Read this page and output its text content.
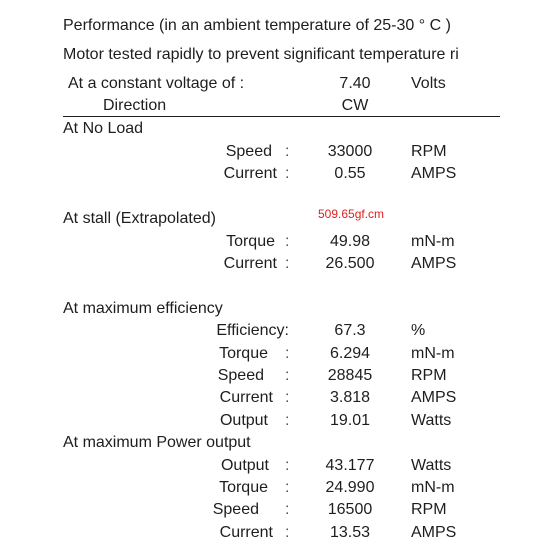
Performance (in an ambient temperature of 25-30 ° C )
Motor tested rapidly to prevent significant temperature ri
At a constant voltage of :	7.40	Volts
Direction	CW
At No Load
Speed :	33000	RPM
Current :	0.55	AMPS
At stall (Extrapolated)	509.65gf.cm
Torque :	49.98	mN-m
Current :	26.500	AMPS
At maximum efficiency
Efficiency:	67.3	%
Torque :	6.294	mN-m
Speed :	28845	RPM
Current :	3.818	AMPS
Output :	19.01	Watts
At maximum Power output
Output :	43.177	Watts
Torque :	24.990	mN-m
Speed :	16500	RPM
Current :	13.53	AMPS
